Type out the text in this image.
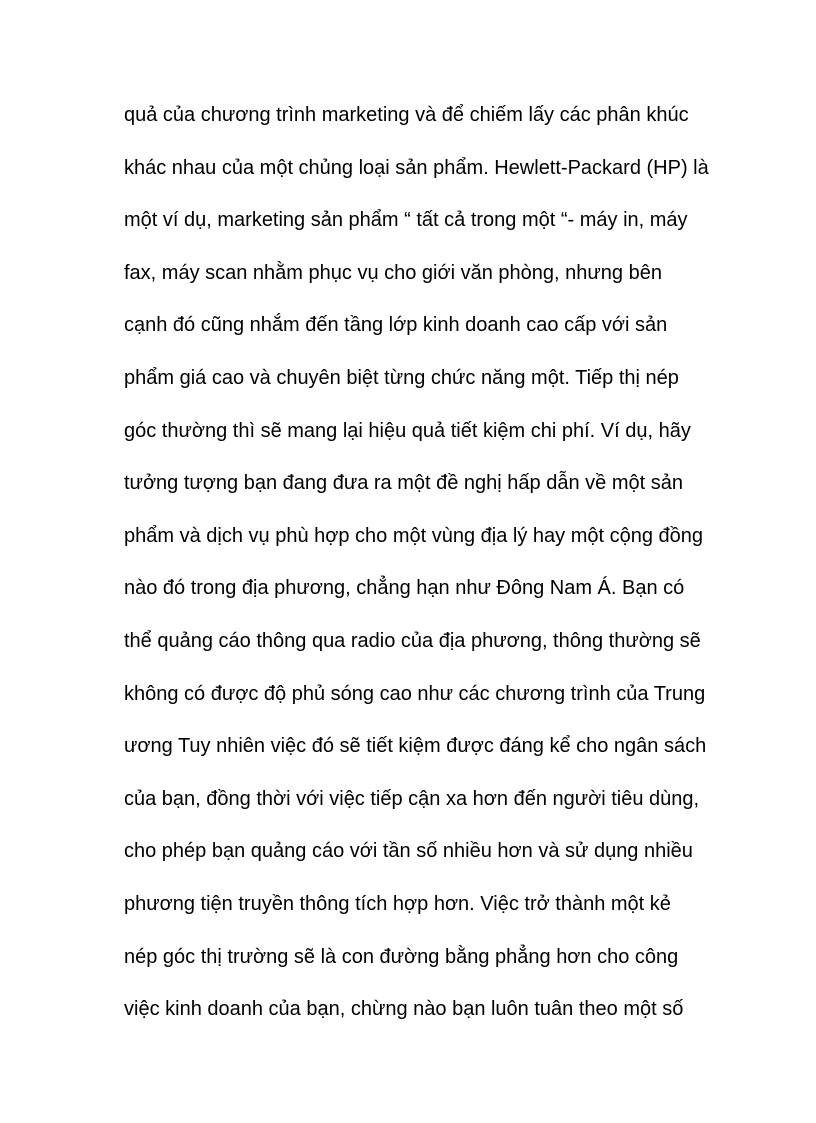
quả của chương trình marketing và để chiếm lấy các phân khúc
khác nhau của một chủng loại sản phẩm. Hewlett-Packard (HP) là
một ví dụ, marketing sản phẩm “ tất cả trong một “- máy in, máy
fax, máy scan nhằm phục vụ cho giới văn phòng, nhưng bên
cạnh đó cũng nhắm đến tầng lớp kinh doanh cao cấp với sản
phẩm giá cao và chuyên biệt từng chức năng một. Tiếp thị nép
góc thường thì sẽ mang lại hiệu quả tiết kiệm chi phí. Ví dụ, hãy
tưởng tượng bạn đang đưa ra một đề nghị hấp dẫn về một sản
phẩm và dịch vụ phù hợp cho một vùng địa lý hay một cộng đồng
nào đó trong địa phương, chẳng hạn như Đông Nam Á. Bạn có
thể quảng cáo thông qua radio của địa phương, thông thường sẽ
không có được độ phủ sóng cao như các chương trình của Trung
ương Tuy nhiên việc đó sẽ tiết kiệm được đáng kể cho ngân sách
của bạn, đồng thời với việc tiếp cận xa hơn đến người tiêu dùng,
cho phép bạn quảng cáo với tần số nhiều hơn và sử dụng nhiều
phương tiện truyền thông tích hợp hơn. Việc trở thành một kẻ
nép góc thị trường sẽ là con đường bằng phẳng hơn cho công
việc kinh doanh của bạn, chừng nào bạn luôn tuân theo một số
